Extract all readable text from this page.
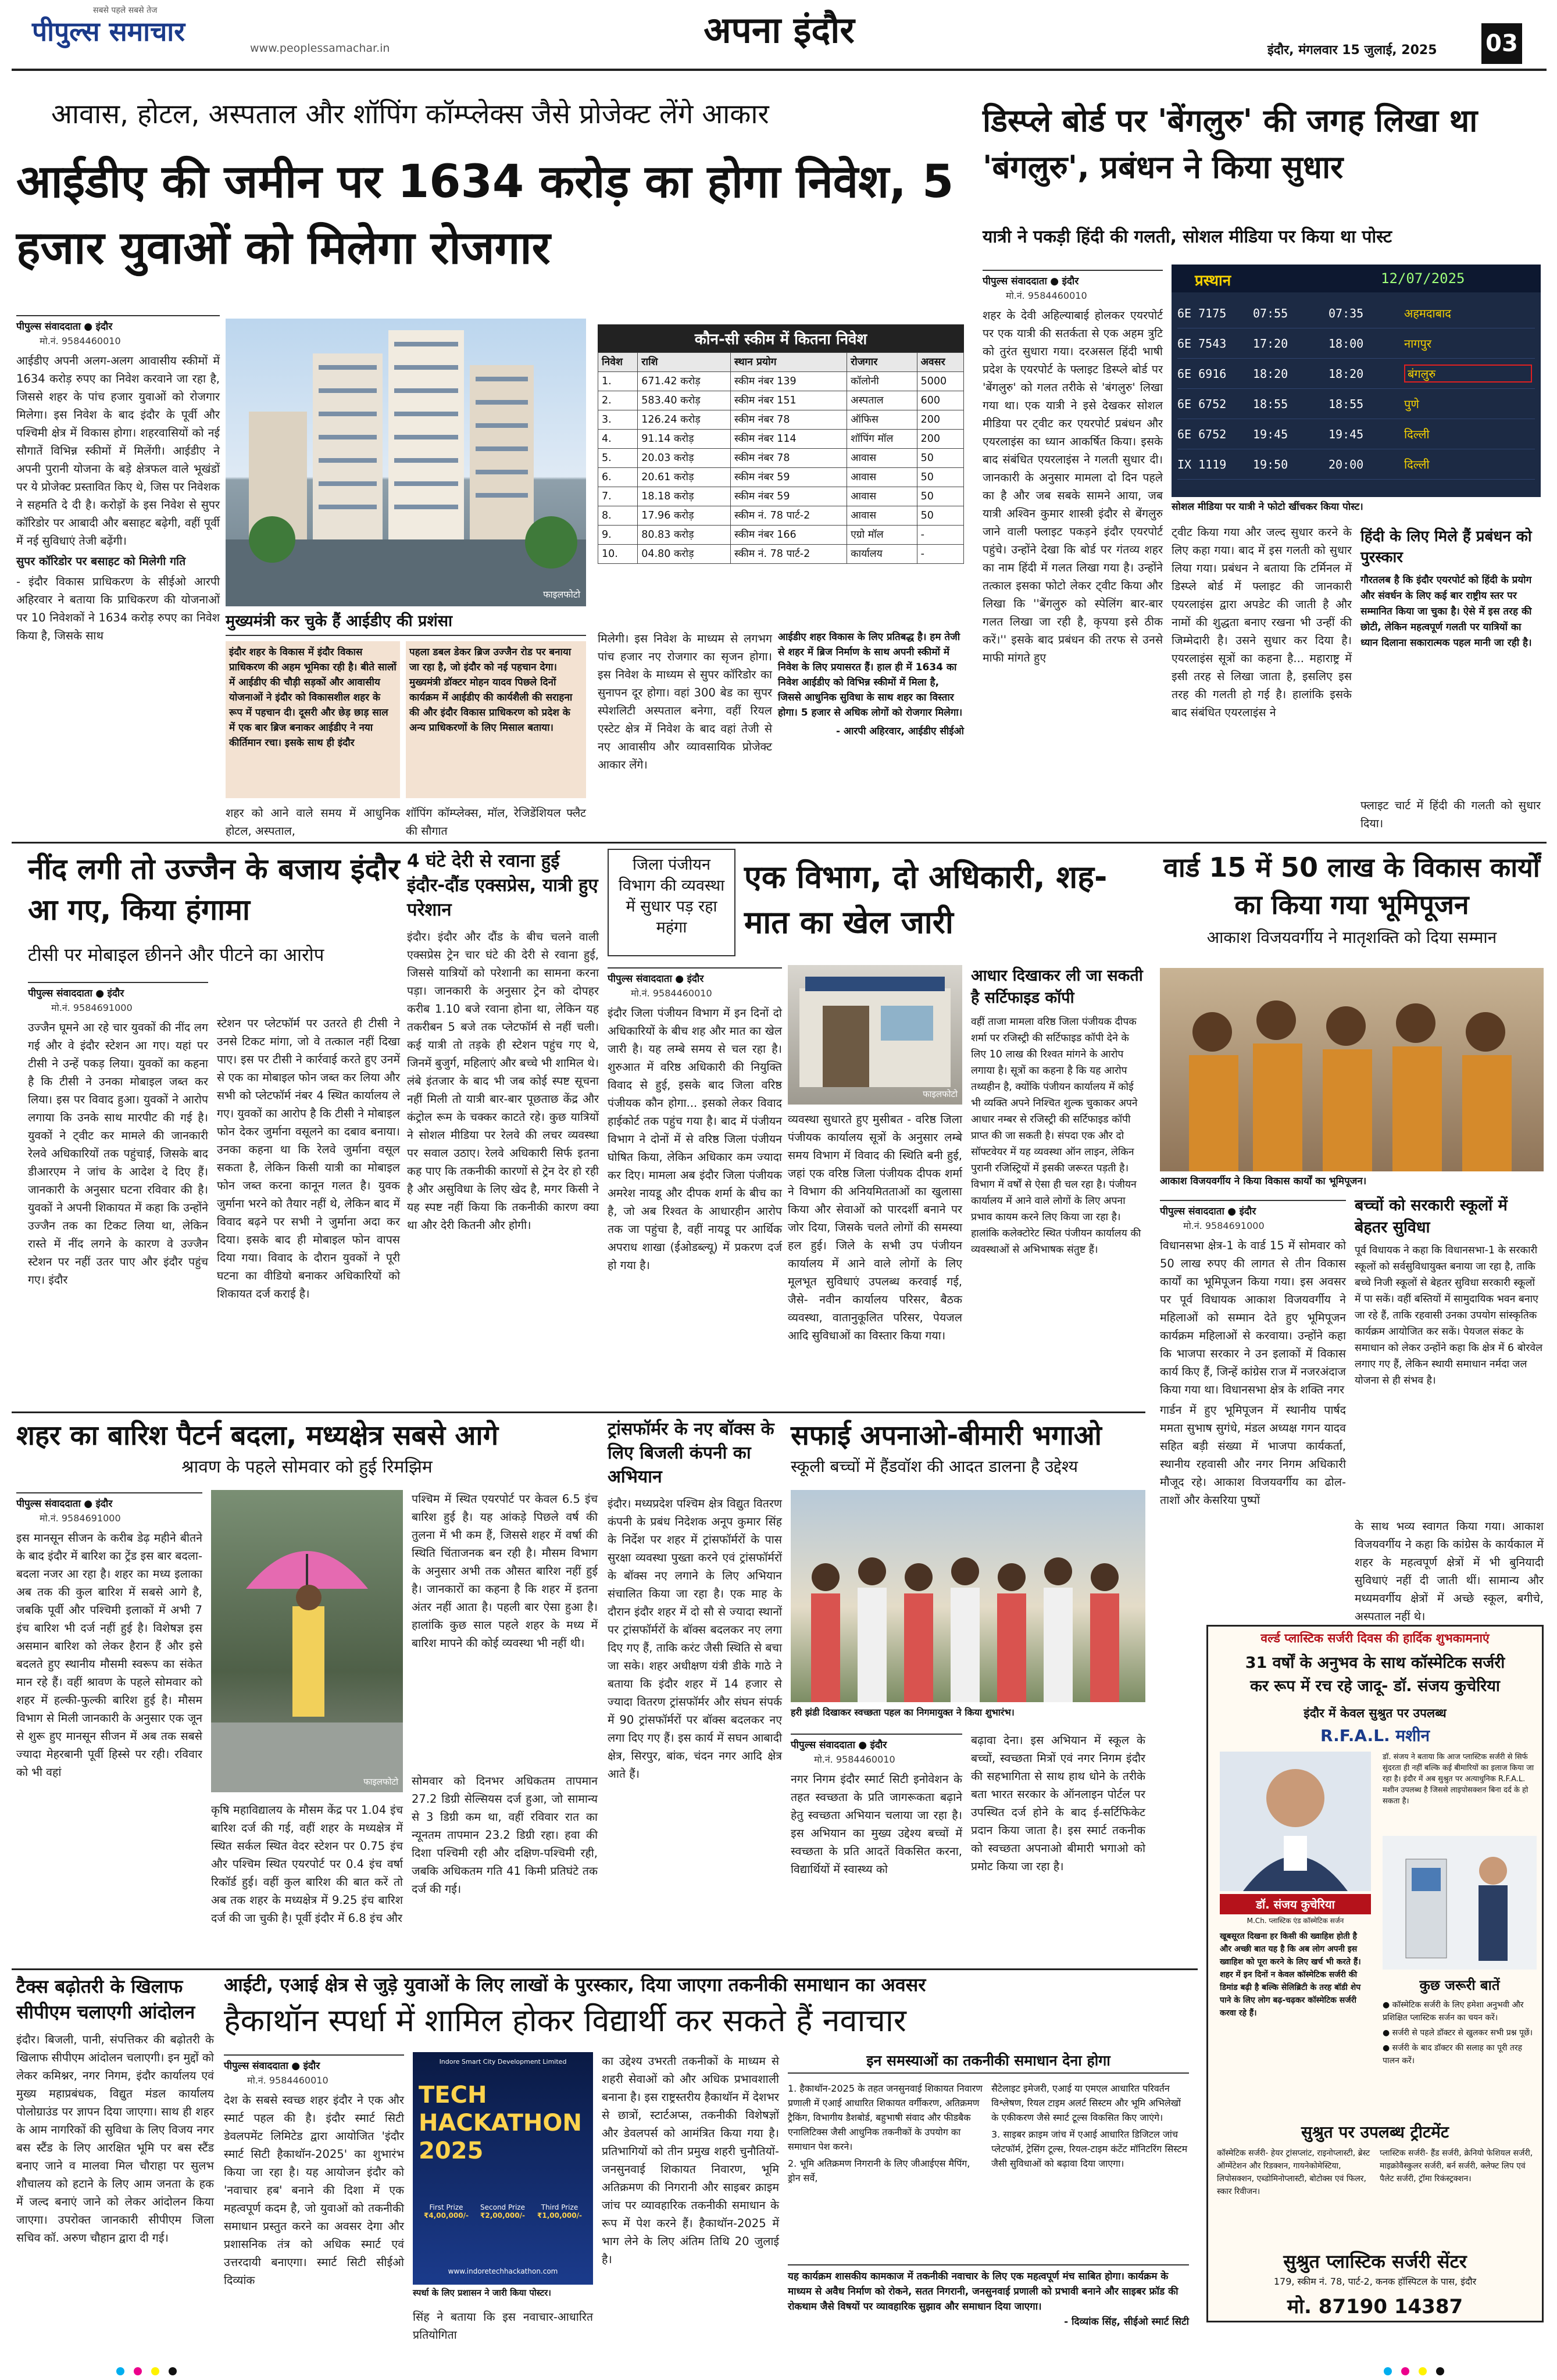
सबसे पहले सबसे तेज
पीपुल्स समाचार
www.peoplessamachar.in	अपना इंदौर	इंदौर, मंगलवार 15 जुलाई, 2025 03
आवास, होटल, अस्पताल और शॉपिंग कॉम्प्लेक्स जैसे प्रोजेक्ट लेंगे आकार
आईडीए की जमीन पर 1634 करोड़ का होगा निवेश, 5 हजार युवाओं को मिलेगा रोजगार
पीपुल्स संवाददाता ● इंदौर
मो.नं. 9584460010

आईडीए अपनी अलग-अलग आवासीय स्कीमों में 1634 करोड़ रुपए का निवेश करवाने जा रहा है, जिससे शहर के पांच हजार युवाओं को रोजगार मिलेगा। इस निवेश के बाद इंदौर के पूर्वी और पश्चिमी क्षेत्र में विकास होगा। शहरवासियों को नई सौगातें विभिन्न स्कीमों में मिलेंगी। आईडीए ने अपनी पुरानी योजना के बड़े क्षेत्रफल वाले भूखंडों पर ये प्रोजेक्ट प्रस्तावित किए थे, जिस पर निवेशक ने सहमति दे दी है। करोड़ों के इस निवेश से सुपर कॉरिडोर पर आबादी और बसाहट बढ़ेगी, वहीं पूर्वी में नई सुविधाएं तेजी बढ़ेंगी।

सुपर कॉरिडोर पर बसाहट को मिलेगी गति

- इंदौर विकास प्राधिकरण के सीईओ आरपी अहिरवार ने बताया कि प्राधिकरण की योजनाओं पर 10 निवेशकों ने 1634 करोड़ रुपए का निवेश किया है, जिसके साथ

फाइलफोटो
मुख्यमंत्री कर चुके हैं आईडीए की प्रशंसा
इंदौर शहर के विकास में इंदौर विकास प्राधिकरण की अहम भूमिका रही है। बीते सालों में आईडीए की चौड़ी सड़कों और आवासीय योजनाओं ने इंदौर को विकासशील शहर के रूप में पहचान दी। दूसरी और छेड़ छाड़ साल में एक बार ब्रिज बनाकर आईडीए ने नया कीर्तिमान रचा। इसके साथ ही इंदौर
पहला डबल डेकर ब्रिज उज्जैन रोड पर बनाया जा रहा है, जो इंदौर को नई पहचान देगा। मुख्यमंत्री डॉक्टर मोहन यादव पिछले दिनों कार्यक्रम में आईडीए की कार्यशैली की सराहना की और इंदौर विकास प्राधिकरण को प्रदेश के अन्य प्राधिकरणों के लिए मिसाल बताया।
शहर को आने वाले समय में आधुनिक होटल, अस्पताल,
शॉपिंग कॉम्प्लेक्स, मॉल, रेजिडेंशियल फ्लैट की सौगात
कौन-सी स्कीम में कितना निवेश
निवेश	राशि	स्थान प्रयोग	रोजगार	अवसर
1.	671.42 करोड़	स्कीम नंबर 139	कॉलोनी	5000
2.	583.40 करोड़	स्कीम नंबर 151	अस्पताल	600
3.	126.24 करोड़	स्कीम नंबर 78	ऑफिस	200
4.	91.14 करोड़	स्कीम नंबर 114	शॉपिंग मॉल	200
5.	20.03 करोड़	स्कीम नंबर 78	आवास	50
6.	20.61 करोड़	स्कीम नंबर 59	आवास	50
7.	18.18 करोड़	स्कीम नंबर 59	आवास	50
8.	17.96 करोड़	स्कीम नं. 78 पार्ट-2	आवास	50
9.	80.83 करोड़	स्कीम नंबर 166	एग्रो मॉल	-
10.	04.80 करोड़	स्कीम नं. 78 पार्ट-2	कार्यालय	-
मिलेगी। इस निवेश के माध्यम से लगभग पांच हजार नए रोजगार का सृजन होगा। इस निवेश के माध्यम से सुपर कॉरिडोर का सुनापन दूर होगा। वहां 300 बेड का सुपर स्पेशलिटी अस्पताल बनेगा, वहीं रियल एस्टेट क्षेत्र में निवेश के बाद वहां तेजी से नए आवासीय और व्यावसायिक प्रोजेक्ट आकार लेंगे।
आईडीए शहर विकास के लिए प्रतिबद्ध है। हम तेजी से शहर में ब्रिज निर्माण के साथ अपनी स्कीमों में निवेश के लिए प्रयासरत हैं। हाल ही में 1634 का निवेश आईडीए को विभिन्न स्कीमों में मिला है, जिससे आधुनिक सुविधा के साथ शहर का विस्तार होगा। 5 हजार से अधिक लोगों को रोजगार मिलेगा।
- आरपी अहिरवार, आईडीए सीईओ
डिस्प्ले बोर्ड पर 'बेंगलुरु' की जगह लिखा था 'बंगलुरु', प्रबंधन ने किया सुधार
यात्री ने पकड़ी हिंदी की गलती, सोशल मीडिया पर किया था पोस्ट
पीपुल्स संवाददाता ● इंदौर
मो.नं. 9584460010

शहर के देवी अहिल्याबाई होलकर एयरपोर्ट पर एक यात्री की सतर्कता से एक अहम त्रुटि को तुरंत सुधारा गया। दरअसल हिंदी भाषी प्रदेश के एयरपोर्ट के फ्लाइट डिस्प्ले बोर्ड पर 'बेंगलुरु' को गलत तरीके से 'बंगलुरु' लिखा गया था। एक यात्री ने इसे देखकर सोशल मीडिया पर ट्वीट कर एयरपोर्ट प्रबंधन और एयरलाइंस का ध्यान आकर्षित किया। इसके बाद संबंधित एयरलाइंस ने गलती सुधार दी। जानकारी के अनुसार मामला दो दिन पहले का है और जब सबके सामने आया, जब यात्री अश्विन कुमार शास्त्री इंदौर से बेंगलुरु जाने वाली फ्लाइट पकड़ने इंदौर एयरपोर्ट पहुंचे। उन्होंने देखा कि बोर्ड पर गंतव्य शहर का नाम हिंदी में गलत लिखा गया है। उन्होंने तत्काल इसका फोटो लेकर ट्वीट किया और लिखा कि ''बेंगलुरु को स्पेलिंग बार-बार गलत लिखा जा रही है, कृपया इसे ठीक करें।'' इसके बाद प्रबंधन की तरफ से उनसे माफी मांगते हुए

प्रस्थान	12/07/2025
6E 7175	07:55	07:35	अहमदाबाद
6E 7543	17:20	18:00	नागपुर
6E 6916	18:20	18:20	बंगलुरु
6E 6752	18:55	18:55	पुणे
6E 6752	19:45	19:45	दिल्ली
IX 1119	19:50	20:00	दिल्ली
सोशल मीडिया पर यात्री ने फोटो खींचकर किया पोस्ट।

ट्वीट किया गया और जल्द सुधार करने के लिए कहा गया। बाद में इस गलती को सुधार लिया गया। प्रबंधन ने बताया कि टर्मिनल में डिस्प्ले बोर्ड में फ्लाइट की जानकारी एयरलाइंस द्वारा अपडेट की जाती है और नामों की शुद्धता बनाए रखना भी उन्हीं की जिम्मेदारी है। उसने सुधार कर दिया है। एयरलाइंस सूत्रों का कहना है... महाराष्ट्र में इसी तरह से लिखा जाता है, इसलिए इस तरह की गलती हो गई है। हालांकि इसके बाद संबंधित एयरलाइंस ने

हिंदी के लिए मिले हैं प्रबंधन को पुरस्कार
गौरतलब है कि इंदौर एयरपोर्ट को हिंदी के प्रयोग और संवर्धन के लिए कई बार राष्ट्रीय स्तर पर सम्मानित किया जा चुका है। ऐसे में इस तरह की छोटी, लेकिन महत्वपूर्ण गलती पर यात्रियों का ध्यान दिलाना सकारात्मक पहल मानी जा रही है।
फ्लाइट चार्ट में हिंदी की गलती को सुधार दिया।
नींद लगी तो उज्जैन के बजाय इंदौर आ गए, किया हंगामा
टीसी पर मोबाइल छीनने और पीटने का आरोप
पीपुल्स संवाददाता ● इंदौर
मो.नं. 9584691000

उज्जैन घूमने आ रहे चार युवकों की नींद लग गई और वे इंदौर स्टेशन आ गए। यहां पर टीसी ने उन्हें पकड़ लिया। युवकों का कहना है कि टीसी ने उनका मोबाइल जब्त कर लिया। इस पर विवाद हुआ। युवकों ने आरोप लगाया कि उनके साथ मारपीट की गई है। युवकों ने ट्वीट कर मामले की जानकारी रेलवे अधिकारियों तक पहुंचाई, जिसके बाद डीआरएम ने जांच के आदेश दे दिए हैं। जानकारी के अनुसार घटना रविवार की है। युवकों ने अपनी शिकायत में कहा कि उन्होंने उज्जैन तक का टिकट लिया था, लेकिन रास्ते में नींद लगने के कारण वे उज्जैन स्टेशन पर नहीं उतर पाए और इंदौर पहुंच गए। इंदौर

स्टेशन पर प्लेटफॉर्म पर उतरते ही टीसी ने उनसे टिकट मांगा, जो वे तत्काल नहीं दिखा पाए। इस पर टीसी ने कार्रवाई करते हुए उनमें से एक का मोबाइल फोन जब्त कर लिया और सभी को प्लेटफॉर्म नंबर 4 स्थित कार्यालय ले गए। युवकों का आरोप है कि टीसी ने मोबाइल फोन देकर जुर्माना वसूलने का दबाव बनाया। उनका कहना था कि रेलवे जुर्माना वसूल सकता है, लेकिन किसी यात्री का मोबाइल फोन जब्त करना कानून गलत है। युवक जुर्माना भरने को तैयार नहीं थे, लेकिन बाद में विवाद बढ़ने पर सभी ने जुर्माना अदा कर दिया। इसके बाद ही मोबाइल फोन वापस दिया गया। विवाद के दौरान युवकों ने पूरी घटना का वीडियो बनाकर अधिकारियों को शिकायत दर्ज कराई है।

4 घंटे देरी से रवाना हुई इंदौर-दौंड एक्सप्रेस, यात्री हुए परेशान

इंदौर। इंदौर और दौंड के बीच चलने वाली एक्सप्रेस ट्रेन चार घंटे की देरी से रवाना हुई, जिससे यात्रियों को परेशानी का सामना करना पड़ा। जानकारी के अनुसार ट्रेन को दोपहर करीब 1.10 बजे रवाना होना था, लेकिन यह तकरीबन 5 बजे तक प्लेटफॉर्म से नहीं चली। कई यात्री तो तड़के ही स्टेशन पहुंच गए थे, जिनमें बुजुर्ग, महिलाएं और बच्चे भी शामिल थे। लंबे इंतजार के बाद भी जब कोई स्पष्ट सूचना नहीं मिली तो यात्री बार-बार पूछताछ केंद्र और कंट्रोल रूम के चक्कर काटते रहे। कुछ यात्रियों ने सोशल मीडिया पर रेलवे की लचर व्यवस्था पर सवाल उठाए। रेलवे अधिकारी सिर्फ इतना कह पाए कि तकनीकी कारणों से ट्रेन देर हो रही है और असुविधा के लिए खेद है, मगर किसी ने यह स्पष्ट नहीं किया कि तकनीकी कारण क्या था और देरी कितनी और होगी।

जिला पंजीयन विभाग की व्यवस्था में सुधार पड़ रहा महंगा
एक विभाग, दो अधिकारी, शह-मात का खेल जारी
पीपुल्स संवाददाता ● इंदौर
मो.नं. 9584460010

इंदौर जिला पंजीयन विभाग में इन दिनों दो अधिकारियों के बीच शह और मात का खेल जारी है। यह लम्बे समय से चल रहा है। शुरुआत में वरिष्ठ अधिकारी की नियुक्ति विवाद से हुई, इसके बाद जिला वरिष्ठ पंजीयक कौन होगा... इसको लेकर विवाद हाईकोर्ट तक पहुंच गया है। बाद में पंजीयन विभाग ने दोनों में से वरिष्ठ जिला पंजीयन घोषित किया, लेकिन अधिकार कम ज्यादा कर दिए। मामला अब इंदौर जिला पंजीयक अमरेश नायडू और दीपक शर्मा के बीच का है, जो अब रिश्वत के आधारहीन आरोप तक जा पहुंचा है, वहीं नायडू पर आर्थिक अपराध शाखा (ईओडब्ल्यू) में प्रकरण दर्ज हो गया है।

फाइलफोटो

व्यवस्था सुधारते हुए मुसीबत - वरिष्ठ जिला पंजीयक कार्यालय सूत्रों के अनुसार लम्बे समय विभाग में विवाद की स्थिति बनी हुई, जहां एक वरिष्ठ जिला पंजीयक दीपक शर्मा ने विभाग की अनियमितताओं का खुलासा किया और सेवाओं को पारदर्शी बनाने पर जोर दिया, जिसके चलते लोगों की समस्या हल हुई। जिले के सभी उप पंजीयन कार्यालय में आने वाले लोगों के लिए मूलभूत सुविधाएं उपलब्ध करवाई गई, जैसे- नवीन कार्यालय परिसर, बैठक व्यवस्था, वातानुकूलित परिसर, पेयजल आदि सुविधाओं का विस्तार किया गया।

आधार दिखाकर ली जा सकती है सर्टिफाइड कॉपी
वहीं ताजा मामला वरिष्ठ जिला पंजीयक दीपक शर्मा पर रजिस्ट्री की सर्टिफाइड कॉपी देने के लिए 10 लाख की रिश्वत मांगने के आरोप लगाया है। सूत्रों का कहना है कि यह आरोप तथ्यहीन है, क्योंकि पंजीयन कार्यालय में कोई भी व्यक्ति अपने निश्चित शुल्क चुकाकर अपने आधार नम्बर से रजिस्ट्री की सर्टिफाइड कॉपी प्राप्त की जा सकती है। संपदा एक और दो सॉफ्टवेयर में यह व्यवस्था ऑन लाइन, लेकिन पुरानी रजिस्ट्रियों में इसकी जरूरत पड़ती है। विभाग में वर्षों से ऐसा ही चल रहा है। पंजीयन कार्यालय में आने वाले लोगों के लिए अपना प्रभाव कायम करने लिए किया जा रहा है। हालांकि कलेक्टोरेट स्थित पंजीयन कार्यालय की व्यवस्थाओं से अभिभाषक संतुष्ट हैं।
वार्ड 15 में 50 लाख के विकास कार्यों का किया गया भूमिपूजन
आकाश विजयवर्गीय ने मातृशक्ति को दिया सम्मान
आकाश विजयवर्गीय ने किया विकास कार्यों का भूमिपूजन।
पीपुल्स संवाददाता ● इंदौर
मो.नं. 9584691000

विधानसभा क्षेत्र-1 के वार्ड 15 में सोमवार को 50 लाख रुपए की लागत से तीन विकास कार्यों का भूमिपूजन किया गया। इस अवसर पर पूर्व विधायक आकाश विजयवर्गीय ने महिलाओं को सम्मान देते हुए भूमिपूजन कार्यक्रम महिलाओं से करवाया। उन्होंने कहा कि भाजपा सरकार ने उन इलाकों में विकास कार्य किए हैं, जिन्हें कांग्रेस राज में नजरअंदाज किया गया था। विधानसभा क्षेत्र के शक्ति नगर

गार्डन में हुए भूमिपूजन में स्थानीय पार्षद ममता सुभाष सुगंधे, मंडल अध्यक्ष गगन यादव सहित बड़ी संख्या में भाजपा कार्यकर्ता, स्थानीय रहवासी और नगर निगम अधिकारी मौजूद रहे। आकाश विजयवर्गीय का ढोल-ताशों और केसरिया पुष्पों

बच्चों को सरकारी स्कूलों में बेहतर सुविधा
पूर्व विधायक ने कहा कि विधानसभा-1 के सरकारी स्कूलों को सर्वसुविधायुक्त बनाया जा रहा है, ताकि बच्चे निजी स्कूलों से बेहतर सुविधा सरकारी स्कूलों में पा सकें। वहीं बस्तियों में सामुदायिक भवन बनाए जा रहे हैं, ताकि रहवासी उनका उपयोग सांस्कृतिक कार्यक्रम आयोजित कर सकें। पेयजल संकट के समाधान को लेकर उन्होंने कहा कि क्षेत्र में 6 बोरवेल लगाए गए हैं, लेकिन स्थायी समाधान नर्मदा जल योजना से ही संभव है।

के साथ भव्य स्वागत किया गया। आकाश विजयवर्गीय ने कहा कि कांग्रेस के कार्यकाल में शहर के महत्वपूर्ण क्षेत्रों में भी बुनियादी सुविधाएं नहीं दी जाती थीं। सामान्य और मध्यमवर्गीय क्षेत्रों में अच्छे स्कूल, बगीचे, अस्पताल नहीं थे।

शहर का बारिश पैटर्न बदला, मध्यक्षेत्र सबसे आगे
श्रावण के पहले सोमवार को हुई रिमझिम
पीपुल्स संवाददाता ● इंदौर
मो.नं. 9584691000

इस मानसून सीजन के करीब डेढ़ महीने बीतने के बाद इंदौर में बारिश का ट्रेंड इस बार बदला-बदला नजर आ रहा है। शहर का मध्य इलाका अब तक की कुल बारिश में सबसे आगे है, जबकि पूर्वी और पश्चिमी इलाकों में अभी 7 इंच बारिश भी दर्ज नहीं हुई है। विशेषज्ञ इस असमान बारिश को लेकर हैरान हैं और इसे बदलते हुए स्थानीय मौसमी स्वरूप का संकेत मान रहे हैं। वहीं श्रावण के पहले सोमवार को शहर में हल्की-फुल्की बारिश हुई है। मौसम विभाग से मिली जानकारी के अनुसार एक जून से शुरू हुए मानसून सीजन में अब तक सबसे ज्यादा मेहरबानी पूर्वी हिस्से पर रही। रविवार को भी वहां

फाइलफोटो

कृषि महाविद्यालय के मौसम केंद्र पर 1.04 इंच बारिश दर्ज की गई, वहीं शहर के मध्यक्षेत्र में स्थित सर्कल स्थित वेदर स्टेशन पर 0.75 इंच और पश्चिम स्थित एयरपोर्ट पर 0.4 इंच वर्षा रिकॉर्ड हुई। वहीं कुल बारिश की बात करें तो अब तक शहर के मध्यक्षेत्र में 9.25 इंच बारिश दर्ज की जा चुकी है। पूर्वी इंदौर में 6.8 इंच और

पश्चिम में स्थित एयरपोर्ट पर केवल 6.5 इंच बारिश हुई है। यह आंकड़े पिछले वर्ष की तुलना में भी कम हैं, जिससे शहर में वर्षा की स्थिति चिंताजनक बन रही है। मौसम विभाग के अनुसार अभी तक औसत बारिश नहीं हुई है। जानकारों का कहना है कि शहर में इतना अंतर नहीं आता है। पहली बार ऐसा हुआ है। हालांकि कुछ साल पहले शहर के मध्य में बारिश मापने की कोई व्यवस्था भी नहीं थी।

सोमवार को दिनभर अधिकतम तापमान 27.2 डिग्री सेल्सियस दर्ज हुआ, जो सामान्य से 3 डिग्री कम था, वहीं रविवार रात का न्यूनतम तापमान 23.2 डिग्री रहा। हवा की दिशा पश्चिमी रही और दक्षिण-पश्चिमी रही, जबकि अधिकतम गति 41 किमी प्रतिघंटे तक दर्ज की गई।

ट्रांसफॉर्मर के नए बॉक्स के लिए बिजली कंपनी का अभियान

इंदौर। मध्यप्रदेश पश्चिम क्षेत्र विद्युत वितरण कंपनी के प्रबंध निदेशक अनूप कुमार सिंह के निर्देश पर शहर में ट्रांसफॉर्मरों के पास सुरक्षा व्यवस्था पुख्ता करने एवं ट्रांसफॉर्मरों के बॉक्स नए लगाने के लिए अभियान संचालित किया जा रहा है। एक माह के दौरान इंदौर शहर में दो सौ से ज्यादा स्थानों पर ट्रांसफॉर्मरों के बॉक्स बदलकर नए लगा दिए गए हैं, ताकि करंट जैसी स्थिति से बचा जा सके। शहर अधीक्षण यंत्री डीके गाठे ने बताया कि इंदौर शहर में 14 हजार से ज्यादा वितरण ट्रांसफॉर्मर और संघन संपर्क में 90 ट्रांसफॉर्मरों पर बॉक्स बदलकर नए लगा दिए गए हैं। इस कार्य में सघन आबादी क्षेत्र, सिरपुर, बांक, चंदन नगर आदि क्षेत्र आते हैं।

सफाई अपनाओ-बीमारी भगाओ
स्कूली बच्चों में हैंडवॉश की आदत डालना है उद्देश्य
हरी झंडी दिखाकर स्वच्छता पहल का निगमायुक्त ने किया शुभारंभ।
पीपुल्स संवाददाता ● इंदौर
मो.नं. 9584460010

नगर निगम इंदौर स्मार्ट सिटी इनोवेशन के तहत स्वच्छता के प्रति जागरूकता बढ़ाने हेतु स्वच्छता अभियान चलाया जा रहा है। इस अभियान का मुख्य उद्देश्य बच्चों में स्वच्छता के प्रति आदतें विकसित करना, विद्यार्थियों में स्वास्थ्य को

बढ़ावा देना। इस अभियान में स्कूल के बच्चों, स्वच्छता मित्रों एवं नगर निगम इंदौर की सहभागिता से साथ हाथ धोने के तरीके बता भारत सरकार के ऑनलाइन पोर्टल पर उपस्थित दर्ज होने के बाद ई-सर्टिफिकेट प्रदान किया जाता है। इस स्मार्ट तकनीक को स्वच्छता अपनाओ बीमारी भगाओ को प्रमोट किया जा रहा है।

वर्ल्ड प्लास्टिक सर्जरी दिवस की हार्दिक शुभकामनाएं
31 वर्षों के अनुभव के साथ कॉस्मेटिक सर्जरी
कर रूप में रच रहे जादू- डॉ. संजय कुचेरिया
इंदौर में केवल सुश्रुत पर उपलब्ध
R.F.A.L. मशीन
डॉ. संजय ने बताया कि आज प्लास्टिक सर्जरी से सिर्फ सुंदरता ही नहीं बल्कि कई बीमारियों का इलाज किया जा रहा है। इंदौर में अब सुश्रुत पर अत्याधुनिक R.F.A.L. मशीन उपलब्ध है जिससे लाइपोसक्शन बिना दर्द के हो सकता है।
डॉ. संजय कुचेरिया
M.Ch. प्लास्टिक एंड कॉस्मेटिक सर्जन
खूबसूरत दिखना हर किसी की ख्वाहिश होती है और अच्छी बात यह है कि अब लोग अपनी इस ख्वाहिश को पूरा करने के लिए खर्च भी करते हैं। शहर में इन दिनों न केवल कॉस्मेटिक सर्जरी की डिमांड बढ़ी है बल्कि सेलिब्रिटी के तरह बॉडी शेप पाने के लिए लोग बढ़-चढ़कर कॉस्मेटिक सर्जरी करवा रहे हैं।
कुछ जरूरी बातें
● कॉस्मेटिक सर्जरी के लिए हमेशा अनुभवी और प्रशिक्षित प्लास्टिक सर्जन का चयन करें।
● सर्जरी से पहले डॉक्टर से खुलकर सभी प्रश्न पूछें।
● सर्जरी के बाद डॉक्टर की सलाह का पूरी तरह पालन करें।
सुश्रुत पर उपलब्ध ट्रीटमेंट
कॉस्मेटिक सर्जरी- हेयर ट्रांसप्लांट, राइनोप्लास्टी, ब्रेस्ट ऑग्मेंटेशन और रिडक्शन, गायनेकोमेस्टिया, लिपोसक्शन, एब्डोमिनोप्लास्टी, बोटोक्स एवं फिलर, स्कार रिवीजन।
प्लास्टिक सर्जरी- हैंड सर्जरी, क्रेनियो फेशियल सर्जरी, माइक्रोवैस्कुलर सर्जरी, बर्न सर्जरी, क्लेफ्ट लिप एवं पैलेट सर्जरी, ट्रॉमा रिकंस्ट्रक्शन।
सुश्रुत प्लास्टिक सर्जरी सेंटर
179, स्कीम नं. 78, पार्ट-2, कनक हॉस्पिटल के पास, इंदौर
मो. 87190 14387
टैक्स बढ़ोतरी के खिलाफ सीपीएम चलाएगी आंदोलन

इंदौर। बिजली, पानी, संपत्तिकर की बढ़ोतरी के खिलाफ सीपीएम आंदोलन चलाएगी। इन मुद्दों को लेकर कमिश्नर, नगर निगम, इंदौर कार्यालय एवं मुख्य महाप्रबंधक, विद्युत मंडल कार्यालय पोलोग्राउंड पर ज्ञापन दिया जाएगा। साथ ही शहर के आम नागरिकों की सुविधा के लिए विजय नगर बस स्टैंड के लिए आरक्षित भूमि पर बस स्टैंड बनाए जाने व मालवा मिल चौराहा पर सुलभ शौचालय को हटाने के लिए आम जनता के हक में जल्द बनाएं जाने को लेकर आंदोलन किया जाएगा। उपरोक्त जानकारी सीपीएम जिला सचिव कॉ. अरुण चौहान द्वारा दी गई।

आईटी, एआई क्षेत्र से जुड़े युवाओं के लिए लाखों के पुरस्कार, दिया जाएगा तकनीकी समाधान का अवसर
हैकाथॉन स्पर्धा में शामिल होकर विद्यार्थी कर सकते हैं नवाचार
पीपुल्स संवाददाता ● इंदौर
मो.नं. 9584460010

देश के सबसे स्वच्छ शहर इंदौर ने एक और स्मार्ट पहल की है। इंदौर स्मार्ट सिटी डेवलपमेंट लिमिटेड द्वारा आयोजित 'इंदौर स्मार्ट सिटी हैकाथॉन-2025' का शुभारंभ किया जा रहा है। यह आयोजन इंदौर को 'नवाचार हब' बनाने की दिशा में एक महत्वपूर्ण कदम है, जो युवाओं को तकनीकी समाधान प्रस्तुत करने का अवसर देगा और प्रशासनिक तंत्र को अधिक स्मार्ट एवं उत्तरदायी बनाएगा। स्मार्ट सिटी सीईओ दिव्यांक

Indore Smart City Development Limited
TECH HACKATHON 2025
First Prize
₹4,00,000/-
Second Prize
₹2,00,000/-
Third Prize
₹1,00,000/-
www.indoretechhackathon.com
स्पर्धा के लिए प्रशासन ने जारी किया पोस्टर।

सिंह ने बताया कि इस नवाचार-आधारित प्रतियोगिता

का उद्देश्य उभरती तकनीकों के माध्यम से शहरी सेवाओं को और अधिक प्रभावशाली बनाना है। इस राष्ट्रस्तरीय हैकाथॉन में देशभर से छात्रों, स्टार्टअप्स, तकनीकी विशेषज्ञों और डेवलपर्स को आमंत्रित किया गया है। प्रतिभागियों को तीन प्रमुख शहरी चुनौतियों- जनसुनवाई शिकायत निवारण, भूमि अतिक्रमण की निगरानी और साइबर क्राइम जांच पर व्यावहारिक तकनीकी समाधान के रूप में पेश करने हैं। हैकाथॉन-2025 में भाग लेने के लिए अंतिम तिथि 20 जुलाई है।

इन समस्याओं का तकनीकी समाधान देना होगा

1. हैकाथॉन-2025 के तहत जनसुनवाई शिकायत निवारण प्रणाली में एआई आधारित शिकायत वर्गीकरण, अतिक्रमण ट्रैकिंग, विभागीय डैशबोर्ड, बहुभाषी संवाद और फीडबैक एनालिटिक्स जैसी आधुनिक तकनीकों के उपयोग का समाधान पेश करने।

2. भूमि अतिक्रमण निगरानी के लिए जीआईएस मैपिंग, ड्रोन सर्वे,

सैटेलाइट इमेजरी, एआई या एमएल आधारित परिवर्तन विश्लेषण, रियल टाइम अलर्ट सिस्टम और भूमि अभिलेखों के एकीकरण जैसे स्मार्ट टूल्स विकसित किए जाएंगे।

3. साइबर क्राइम जांच में एआई आधारित डिजिटल जांच प्लेटफॉर्म, ट्रेसिंग टूल्स, रियल-टाइम कंटेंट मॉनिटरिंग सिस्टम जैसी सुविधाओं को बढ़ावा दिया जाएगा।

यह कार्यक्रम शासकीय कामकाज में तकनीकी नवाचार के लिए एक महत्वपूर्ण मंच साबित होगा। कार्यक्रम के माध्यम से अवैध निर्माण को रोकने, सतत निगरानी, जनसुनवाई प्रणाली को प्रभावी बनाने और साइबर फ्रॉड की रोकथाम जैसे विषयों पर व्यावहारिक सुझाव और समाधान दिया जाएगा।
- दिव्यांक सिंह, सीईओ स्मार्ट सिटी
